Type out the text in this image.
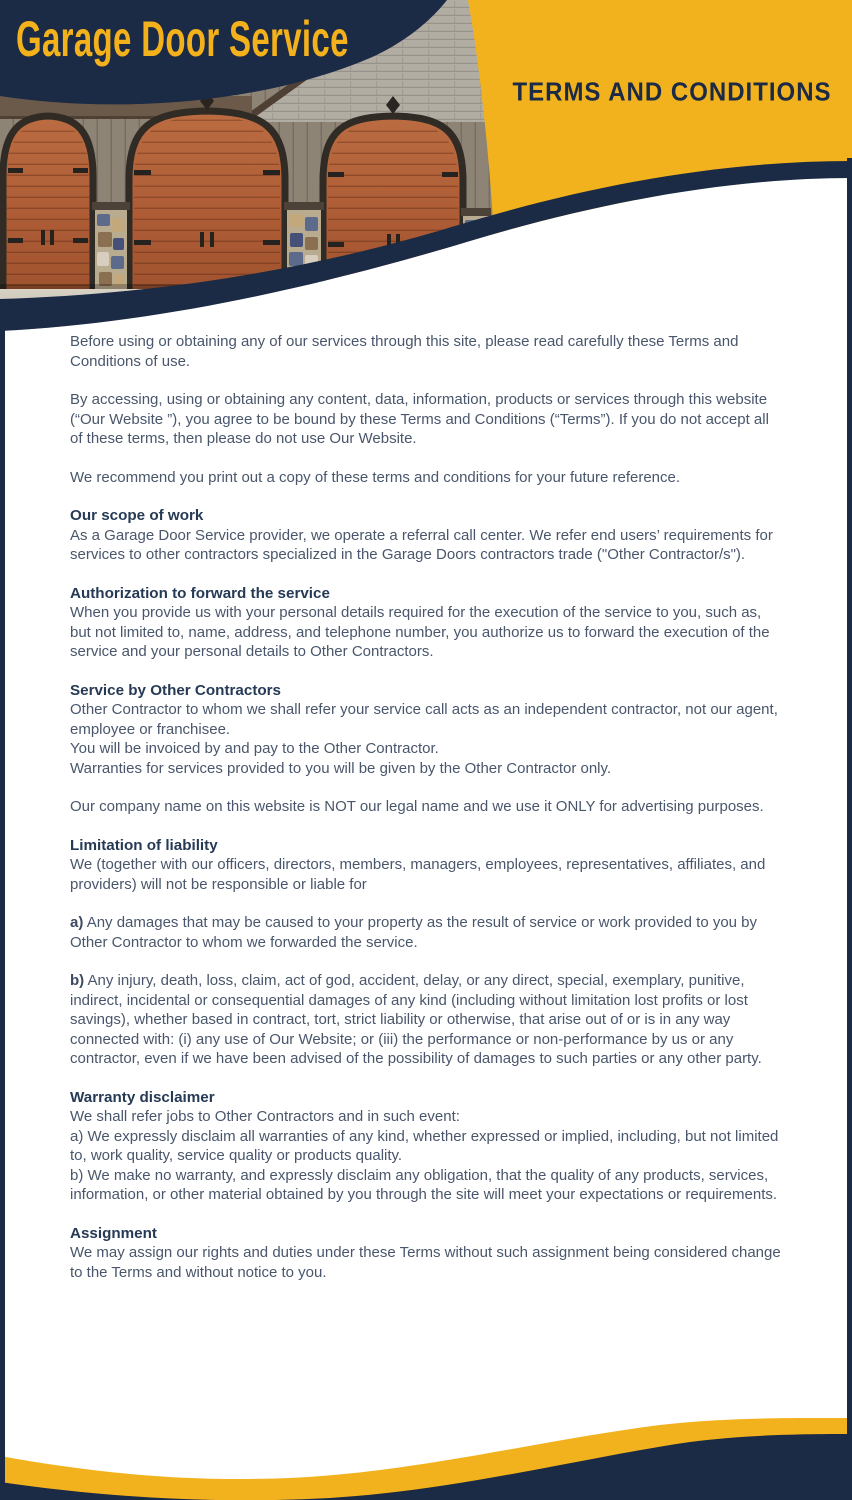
Garage Door Service
TERMS AND CONDITIONS

Before using or obtaining any of our services through this site, please read carefully these Terms and Conditions of use.

By accessing, using or obtaining any content, data, information, products or services through this website (“Our Website ”), you agree to be bound by these Terms and Conditions (“Terms”). If you do not accept all of these terms, then please do not use Our Website.

We recommend you print out a copy of these terms and conditions for your future reference.

Our scope of work

As a Garage Door Service provider, we operate a referral call center. We refer end users’ requirements for services to other contractors specialized in the Garage Doors contractors trade ("Other Contractor/s").

Authorization to forward the service

When you provide us with your personal details required for the execution of the service to you, such as, but not limited to, name, address, and telephone number, you authorize us to forward the execution of the service and your personal details to Other Contractors.

Service by Other Contractors
Other Contractor to whom we shall refer your service call acts as an independent contractor, not our agent, employee or franchisee.
You will be invoiced by and pay to the Other Contractor.
Warranties for services provided to you will be given by the Other Contractor only.

Our company name on this website is NOT our legal name and we use it ONLY for advertising purposes.

Limitation of liability

We (together with our officers, directors, members, managers, employees, representatives, affiliates, and providers) will not be responsible or liable for

a) Any damages that may be caused to your property as the result of service or work provided to you by Other Contractor to whom we forwarded the service.

b) Any injury, death, loss, claim, act of god, accident, delay, or any direct, special, exemplary, punitive, indirect, incidental or consequential damages of any kind (including without limitation lost profits or lost savings), whether based in contract, tort, strict liability or otherwise, that arise out of or is in any way connected with: (i) any use of Our Website; or (iii) the performance or non-performance by us or any contractor, even if we have been advised of the possibility of damages to such parties or any other party.

Warranty disclaimer
We shall refer jobs to Other Contractors and in such event:
a) We expressly disclaim all warranties of any kind, whether expressed or implied, including, but not limited to, work quality, service quality or products quality.
b) We make no warranty, and expressly disclaim any obligation, that the quality of any products, services, information, or other material obtained by you through the site will meet your expectations or requirements.
Assignment

We may assign our rights and duties under these Terms without such assignment being considered change to the Terms and without notice to you.
